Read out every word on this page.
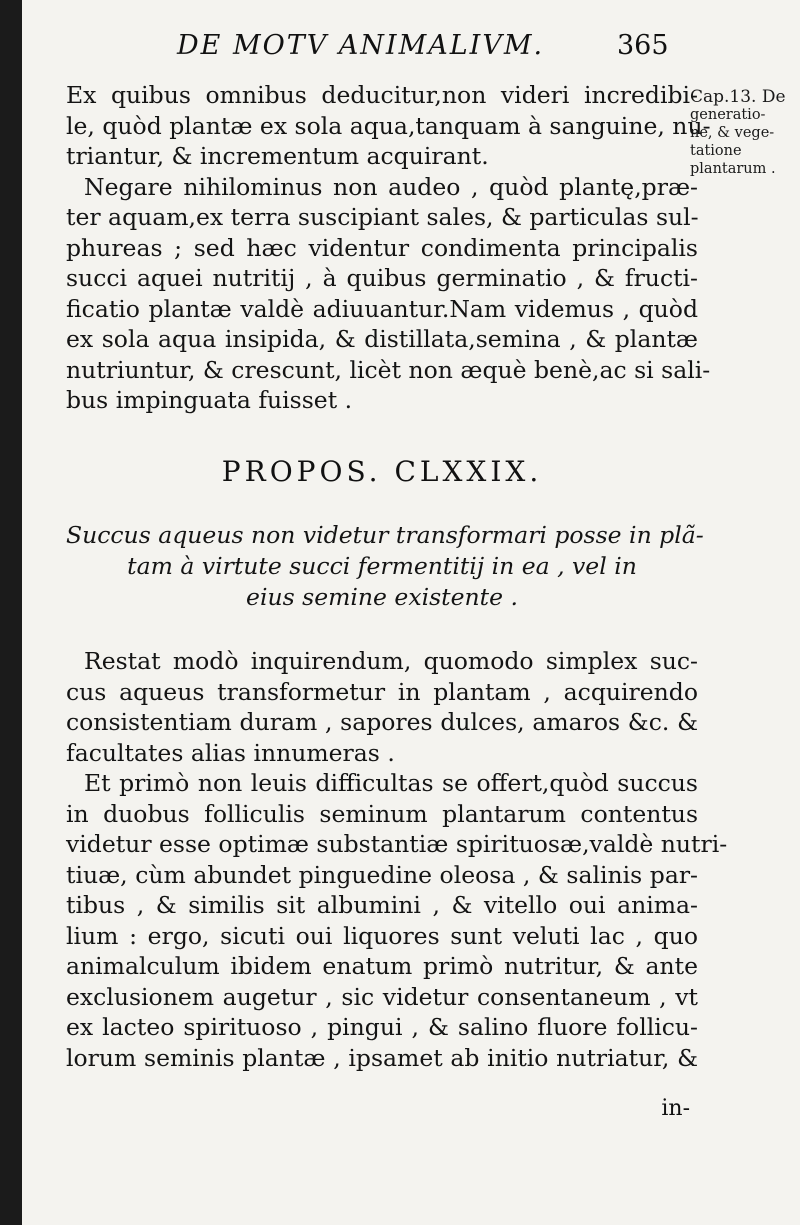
DE MOTV ANIMALIVM.	365
Cap.13. De
generatio-
ne, & vege-
tatione
plantarum .
Ex quibus omnibus deducitur,non videri incredibi-
le, quòd plantæ ex sola aqua,tanquam à sanguine, nu-
triantur, & incrementum acquirant.
Negare nihilominus non audeo , quòd plantę,præ-
ter aquam,ex terra suscipiant sales, & particulas sul-
phureas ; sed hæc videntur condimenta principalis
succi aquei nutritij , à quibus germinatio , & fructi-
ficatio plantæ valdè adiuuantur.Nam videmus , quòd
ex sola aqua insipida, & distillata,semina , & plantæ
nutriuntur, & crescunt, licèt non æquè benè,ac si sali-
bus impinguata fuisset .
PROPOS. CLXXIX.
Succus aqueus non videtur transformari posse in plã-
tam à virtute succi fermentitij in ea , vel in
eius semine existente .
Restat modò inquirendum, quomodo simplex suc-
cus aqueus transformetur in plantam , acquirendo
consistentiam duram , sapores dulces, amaros &c. &
facultates alias innumeras .
Et primò non leuis difficultas se offert,quòd succus
in duobus folliculis seminum plantarum contentus
videtur esse optimæ substantiæ spirituosæ,valdè nutri-
tiuæ, cùm abundet pinguedine oleosa , & salinis par-
tibus , & similis sit albumini , & vitello oui anima-
lium : ergo, sicuti oui liquores sunt veluti lac , quo
animalculum ibidem enatum primò nutritur, & ante
exclusionem augetur , sic videtur consentaneum , vt
ex lacteo spirituoso , pingui , & salino fluore follicu-
lorum seminis plantæ , ipsamet ab initio nutriatur, &
in-
